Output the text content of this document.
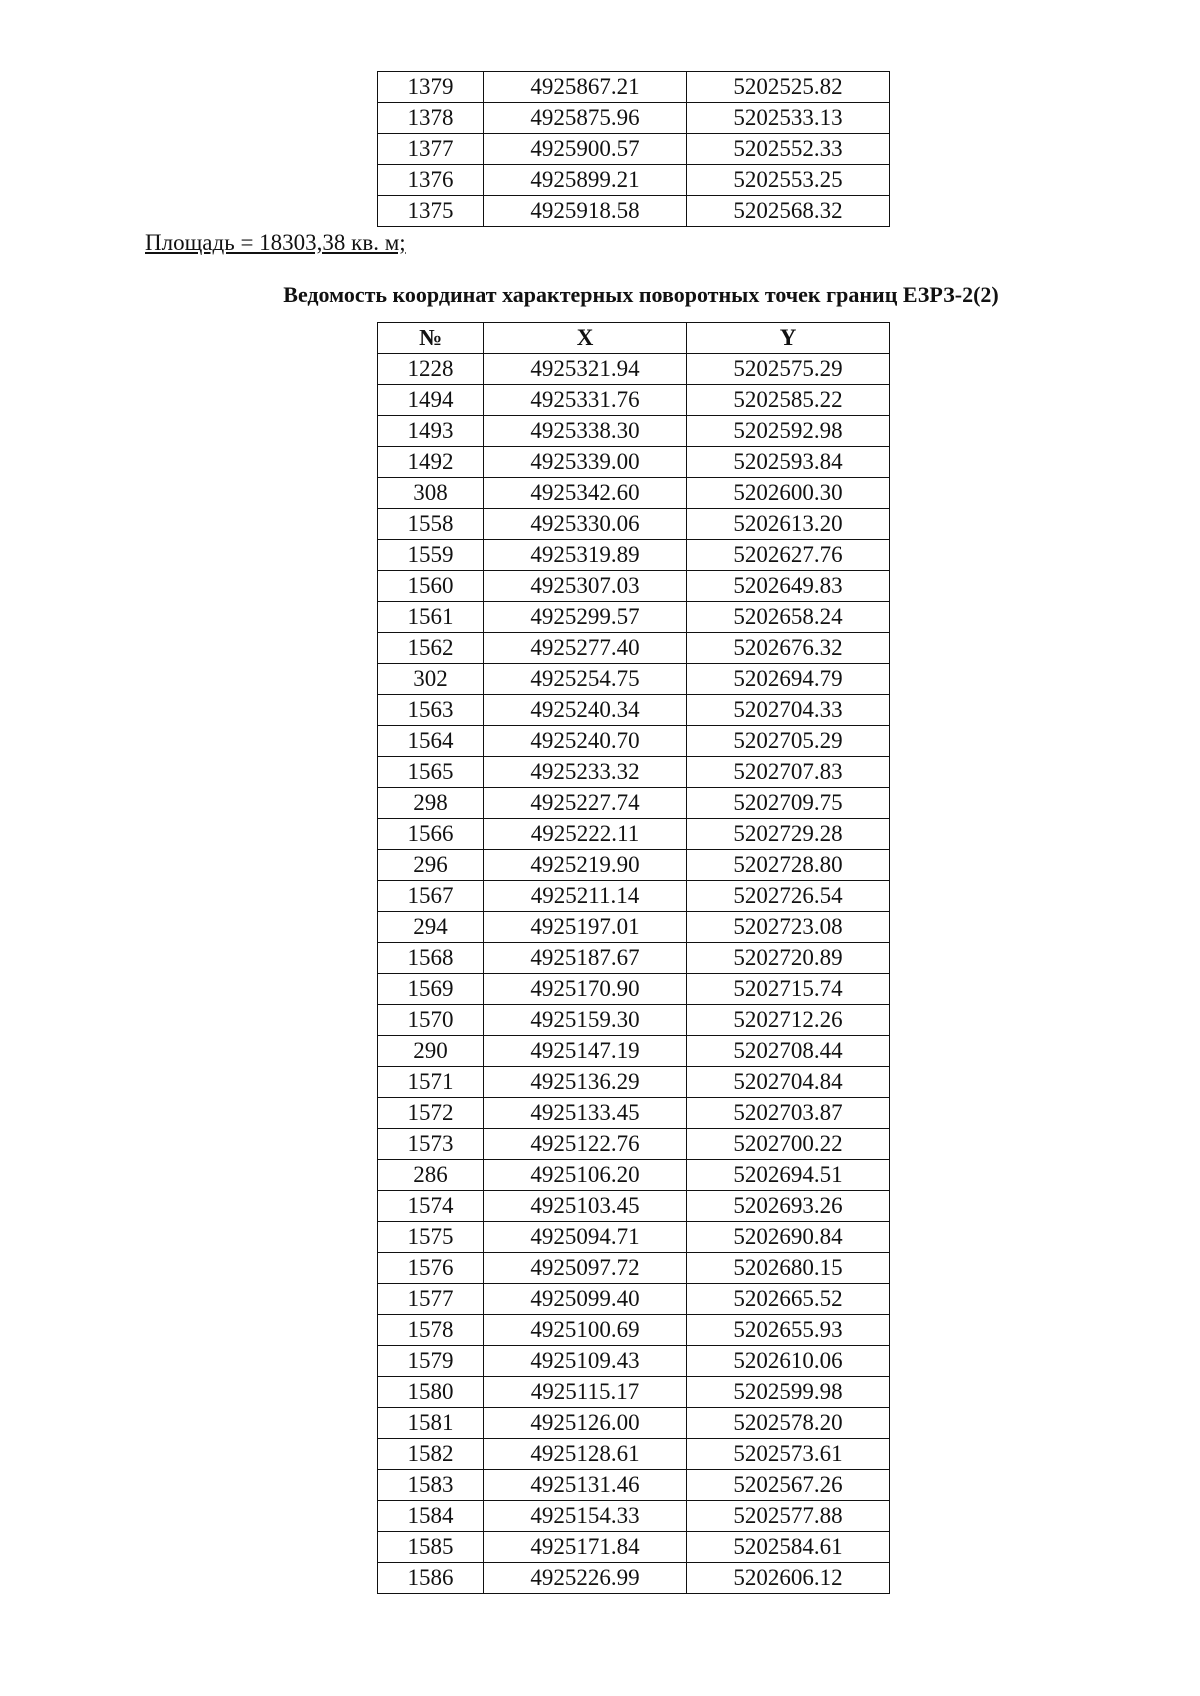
1379	4925867.21	5202525.82
1378	4925875.96	5202533.13
1377	4925900.57	5202552.33
1376	4925899.21	5202553.25
1375	4925918.58	5202568.32
Площадь = 18303,38 кв. м;
Ведомость координат характерных поворотных точек границ ЕЗРЗ-2(2)
№	X	Y
1228	4925321.94	5202575.29
1494	4925331.76	5202585.22
1493	4925338.30	5202592.98
1492	4925339.00	5202593.84
308	4925342.60	5202600.30
1558	4925330.06	5202613.20
1559	4925319.89	5202627.76
1560	4925307.03	5202649.83
1561	4925299.57	5202658.24
1562	4925277.40	5202676.32
302	4925254.75	5202694.79
1563	4925240.34	5202704.33
1564	4925240.70	5202705.29
1565	4925233.32	5202707.83
298	4925227.74	5202709.75
1566	4925222.11	5202729.28
296	4925219.90	5202728.80
1567	4925211.14	5202726.54
294	4925197.01	5202723.08
1568	4925187.67	5202720.89
1569	4925170.90	5202715.74
1570	4925159.30	5202712.26
290	4925147.19	5202708.44
1571	4925136.29	5202704.84
1572	4925133.45	5202703.87
1573	4925122.76	5202700.22
286	4925106.20	5202694.51
1574	4925103.45	5202693.26
1575	4925094.71	5202690.84
1576	4925097.72	5202680.15
1577	4925099.40	5202665.52
1578	4925100.69	5202655.93
1579	4925109.43	5202610.06
1580	4925115.17	5202599.98
1581	4925126.00	5202578.20
1582	4925128.61	5202573.61
1583	4925131.46	5202567.26
1584	4925154.33	5202577.88
1585	4925171.84	5202584.61
1586	4925226.99	5202606.12
